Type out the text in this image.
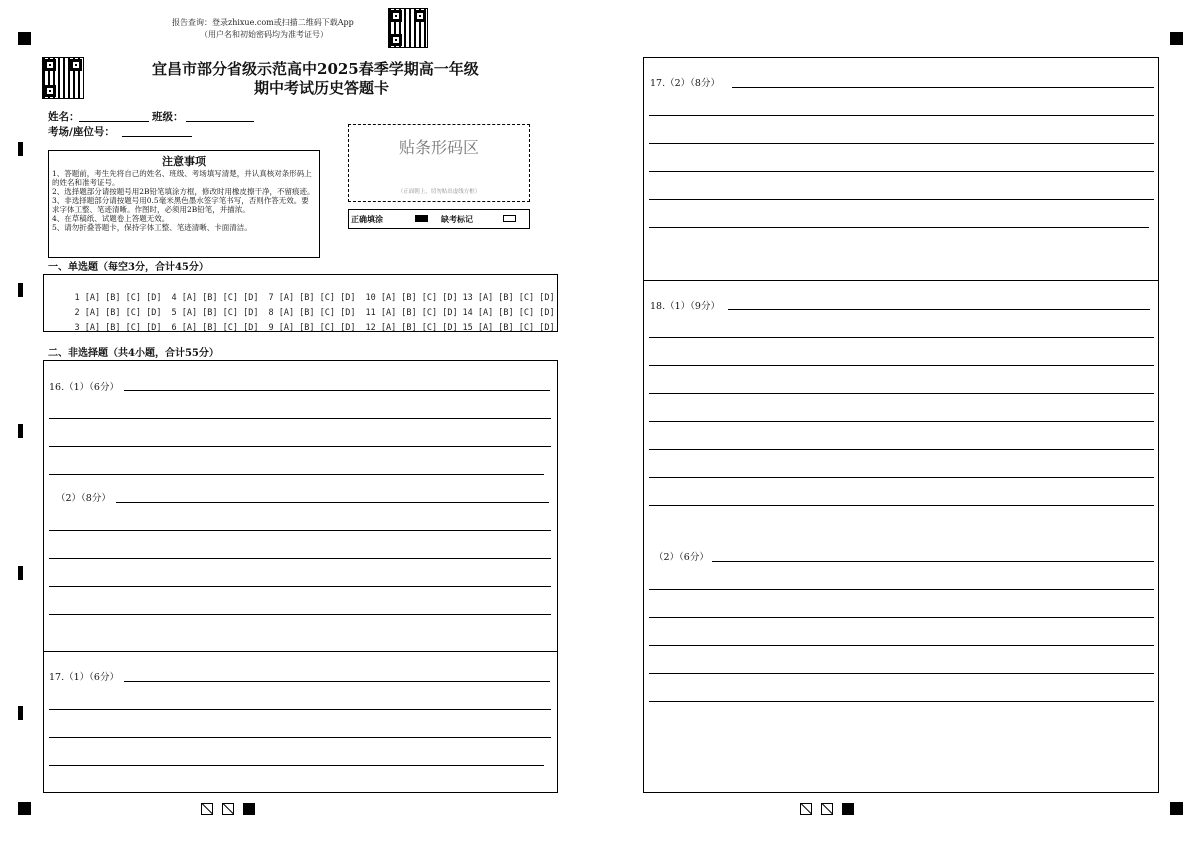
报告查询：登录zhixue.com或扫描二维码下载App
（用户名和初始密码均为准考证号）
宜昌市部分省级示范高中2025春季学期高一年级
期中考试历史答题卡
姓名：	班级：
考场/座位号：
贴条形码区
（正面朝上，切勿贴出虚线方框）
正确填涂	缺考标记
注意事项
1、答题前，考生先将自己的姓名、班级、考场填写清楚，并认真核对条形码上的姓名和准考证号。
2、选择题部分请按题号用2B铅笔填涂方框，修改时用橡皮擦干净，不留痕迹。
3、非选择题部分请按题号用0.5毫米黑色墨水签字笔书写，否则作答无效。要求字体工整、笔迹清晰。作图时，必须用2B铅笔，并描浓。
4、在草稿纸、试题卷上答题无效。
5、请勿折叠答题卡，保持字体工整、笔迹清晰、卡面清洁。
一、单选题（每空3分，合计45分）

1 [A] [B] [C] [D] 4 [A] [B] [C] [D] 7 [A] [B] [C] [D] 10 [A] [B] [C] [D] 13 [A] [B] [C] [D]

2 [A] [B] [C] [D] 5 [A] [B] [C] [D] 8 [A] [B] [C] [D] 11 [A] [B] [C] [D] 14 [A] [B] [C] [D]

3 [A] [B] [C] [D] 6 [A] [B] [C] [D] 9 [A] [B] [C] [D] 12 [A] [B] [C] [D] 15 [A] [B] [C] [D]

二、非选择题（共4小题，合计55分）
16.（1）（6分）
（2）（8分）
17.（1）（6分）
17.（2）（8分）
18.（1）（9分）
（2）（6分）
